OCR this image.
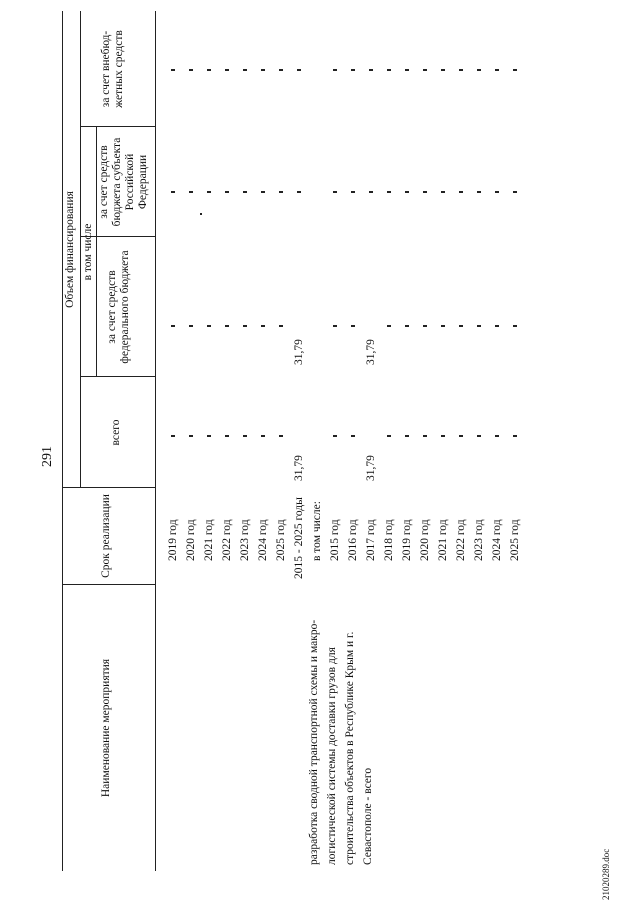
291
Наименование мероприятия
Срок реализации
Объем финансирования
всего
в том числе
за счет средств федерального бюджета
за счет средств бюджета субъекта Российской Федерации
за счет внебюд-жетных средств
разработка сводной транспортной схемы и макро-логистической системы доставки грузов для строительства объектов в Республике Крым и г. Севастополе - всего
2019 год 2020 год 2021 год 2022 год 2023 год 2024 год 2025 год 2015 - 2025 годы
31,79
31,79
в том числе: 2015 год 2016 год 2017 год
31,79
31,79
2018 год 2019 год 2020 год 2021 год 2022 год 2023 год 2024 год 2025 год
21020289.doc
